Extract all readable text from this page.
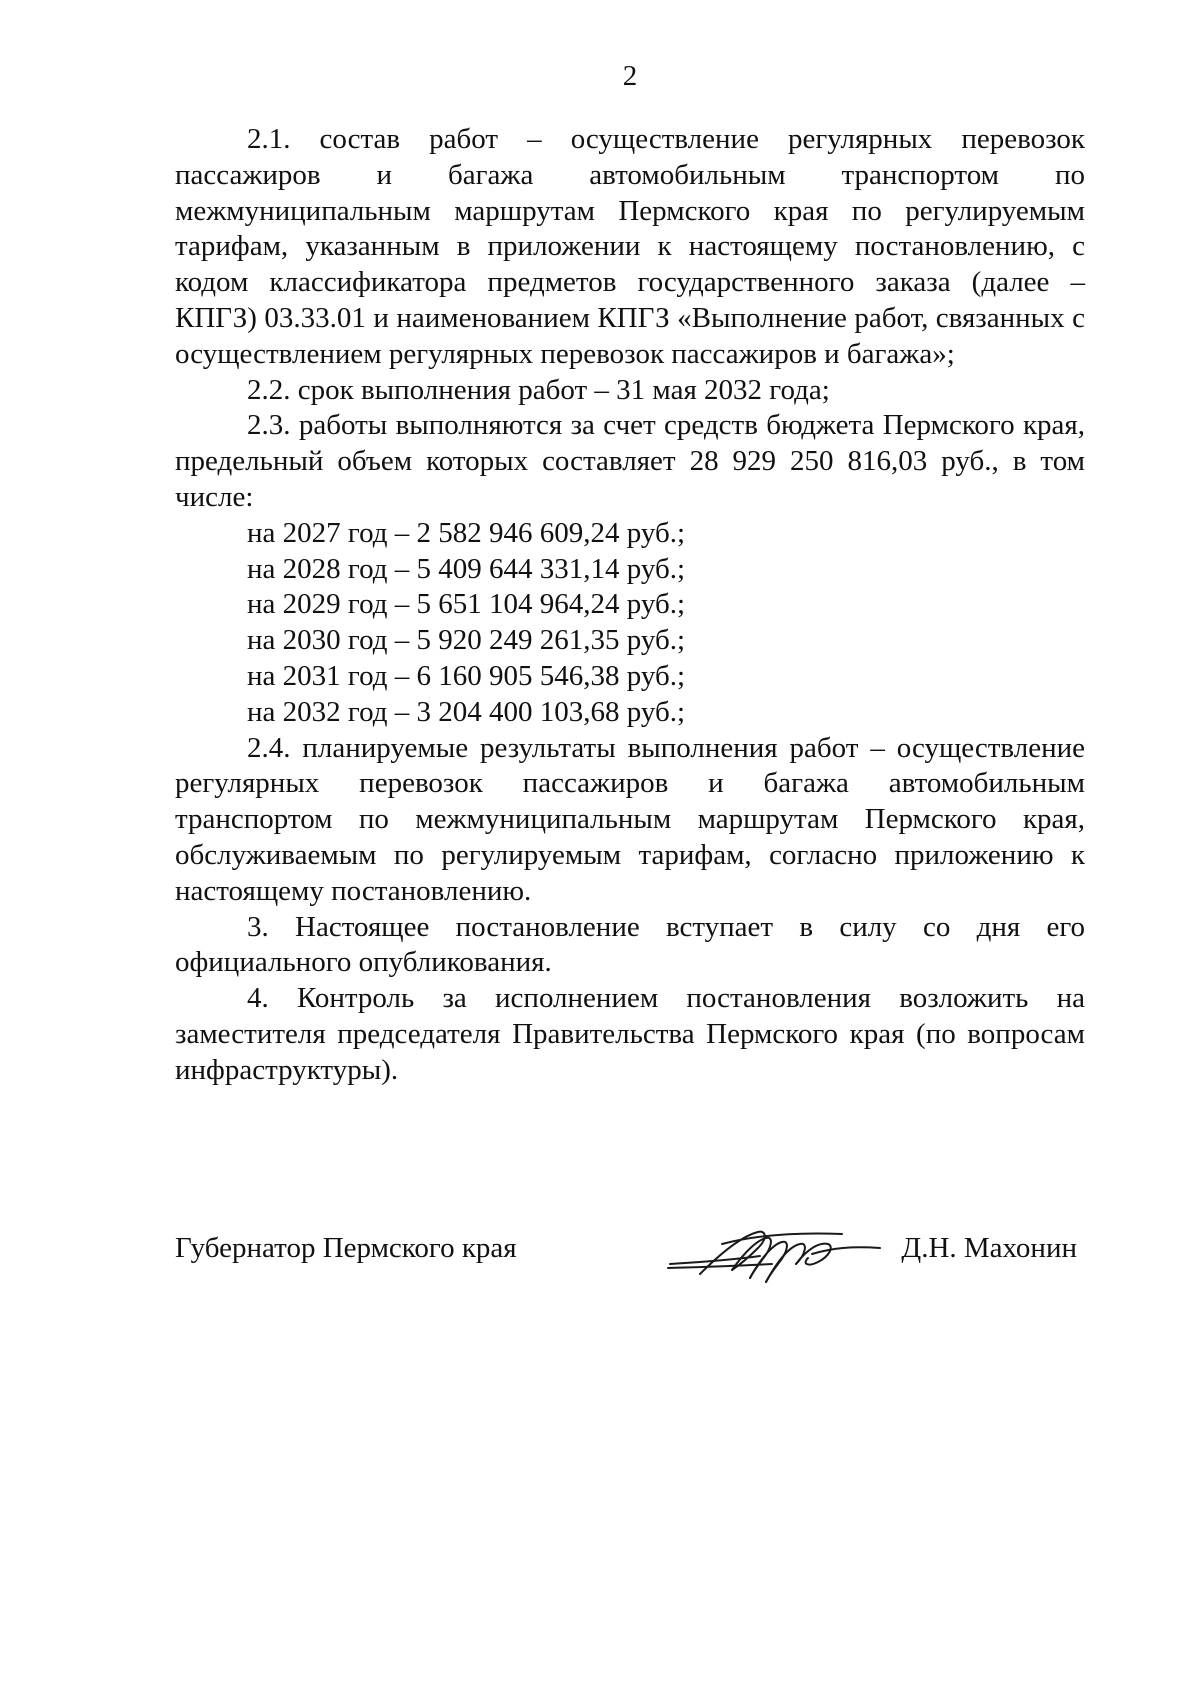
2

2.1. состав работ – осуществление регулярных перевозок пассажиров и багажа автомобильным транспортом по межмуниципальным маршрутам Пермского края по регулируемым тарифам, указанным в приложении к настоящему постановлению, с кодом классификатора предметов государственного заказа (далее – КПГЗ) 03.33.01 и наименованием КПГЗ «Выполнение работ, связанных с осуществлением регулярных перевозок пассажиров и багажа»;

2.2. срок выполнения работ – 31 мая 2032 года;

2.3. работы выполняются за счет средств бюджета Пермского края, предельный объем которых составляет 28 929 250 816,03 руб., в том числе:

на 2027 год – 2 582 946 609,24 руб.;

на 2028 год – 5 409 644 331,14 руб.;

на 2029 год – 5 651 104 964,24 руб.;

на 2030 год – 5 920 249 261,35 руб.;

на 2031 год – 6 160 905 546,38 руб.;

на 2032 год – 3 204 400 103,68 руб.;

2.4. планируемые результаты выполнения работ – осуществление регулярных перевозок пассажиров и багажа автомобильным транспортом по межмуниципальным маршрутам Пермского края, обслуживаемым по регулируемым тарифам, согласно приложению к настоящему постановлению.

3. Настоящее постановление вступает в силу со дня его официального опубликования.

4. Контроль за исполнением постановления возложить на заместителя председателя Правительства Пермского края (по вопросам инфраструктуры).

Губернатор Пермского края	Д.Н. Махонин
